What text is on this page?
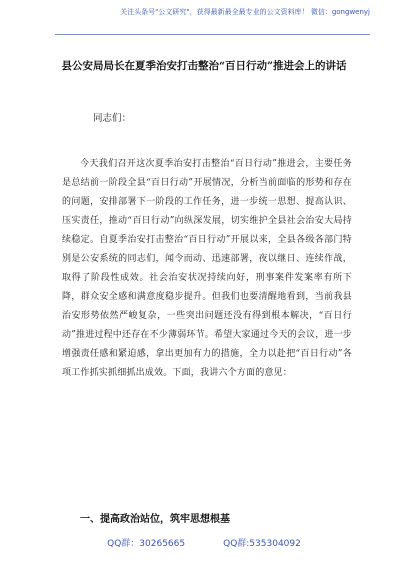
关注头条号"公文研究"，获得最新最全最专业的公文资料库！ 微信：gongwenyj
县公安局局长在夏季治安打击整治“百日行动”推进会上的讲话
同志们：
今天我们召开这次夏季治安打击整治“百日行动”推进会，主要任务是总结前一阶段全县“百日行动”开展情况，分析当前面临的形势和存在的问题，安排部署下一阶段的工作任务，进一步统一思想、提高认识、压实责任，推动“百日行动”向纵深发展，切实维护全县社会治安大局持续稳定。自夏季治安打击整治“百日行动”开展以来，全县各级各部门特别是公安系统的同志们，闻令而动、迅速部署，夜以继日、连续作战，取得了阶段性成效。社会治安状况持续向好，刑事案件发案率有所下降，群众安全感和满意度稳步提升。但我们也要清醒地看到，当前我县治安形势依然严峻复杂，一些突出问题还没有得到根本解决，“百日行动”推进过程中还存在不少薄弱环节。希望大家通过今天的会议，进一步增强责任感和紧迫感，拿出更加有力的措施，全力以赴把“百日行动”各项工作抓实抓细抓出成效。下面，我讲六个方面的意见：
一、提高政治站位，筑牢思想根基
QQ群：30265665	QQ群:535304092
